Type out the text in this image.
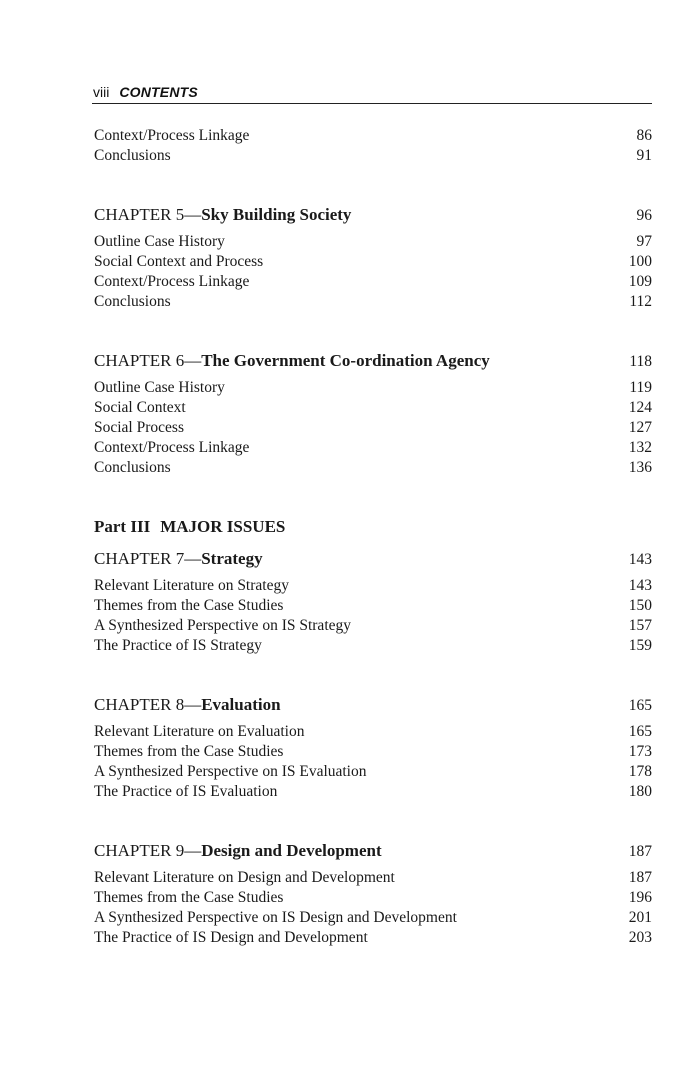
viii CONTENTS
Context/Process Linkage	86
Conclusions	91
CHAPTER 5—Sky Building Society	96
Outline Case History	97
Social Context and Process	100
Context/Process Linkage	109
Conclusions	112
CHAPTER 6—The Government Co-ordination Agency	118
Outline Case History	119
Social Context	124
Social Process	127
Context/Process Linkage	132
Conclusions	136
Part III MAJOR ISSUES
CHAPTER 7—Strategy	143
Relevant Literature on Strategy	143
Themes from the Case Studies	150
A Synthesized Perspective on IS Strategy	157
The Practice of IS Strategy	159
CHAPTER 8—Evaluation	165
Relevant Literature on Evaluation	165
Themes from the Case Studies	173
A Synthesized Perspective on IS Evaluation	178
The Practice of IS Evaluation	180
CHAPTER 9—Design and Development	187
Relevant Literature on Design and Development	187
Themes from the Case Studies	196
A Synthesized Perspective on IS Design and Development	201
The Practice of IS Design and Development	203
